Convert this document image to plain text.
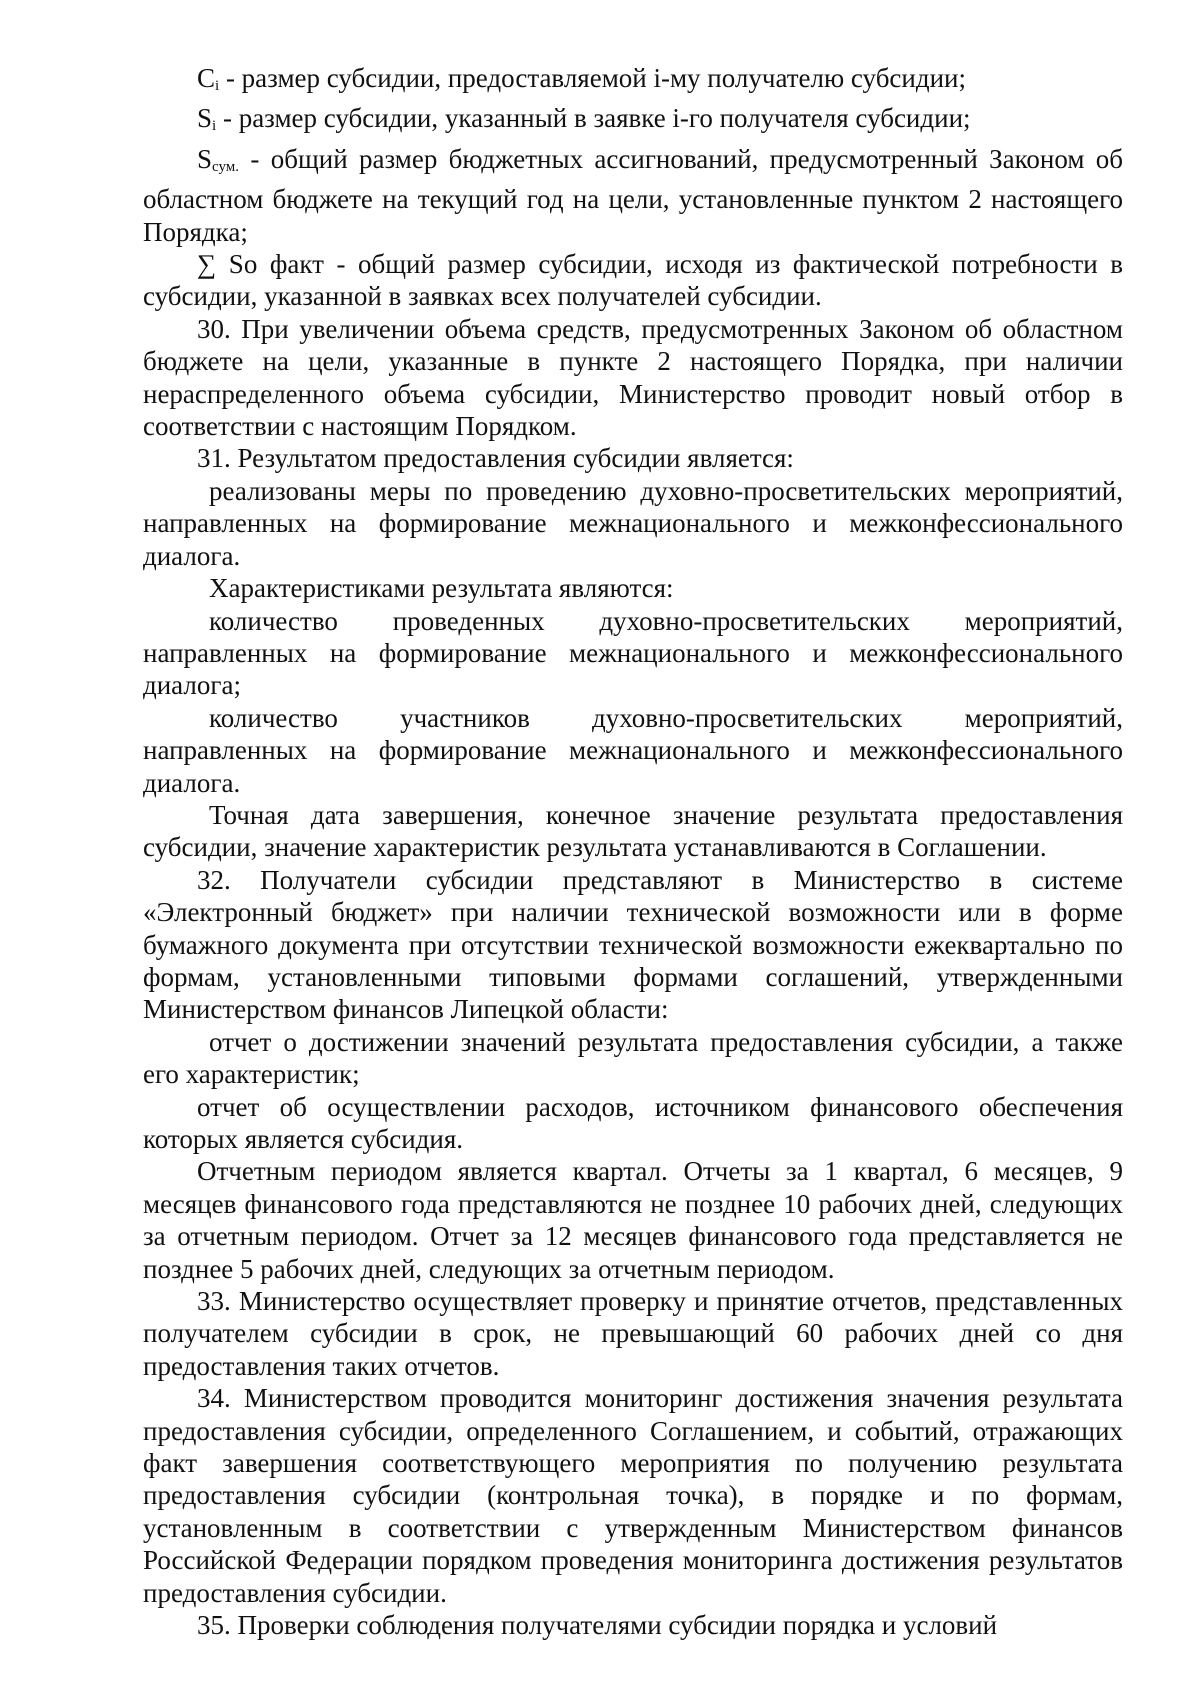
$C_i$ - размер субсидии, предоставляемой i-му получателю субсидии;

$S_i$ - размер субсидии, указанный в заявке i-го получателя субсидии;

$S_{сум.}$ - общий размер бюджетных ассигнований, предусмотренный Законом об областном бюджете на текущий год на цели, установленные пунктом 2 настоящего Порядка;

∑ So факт - общий размер субсидии, исходя из фактической потребности в субсидии, указанной в заявках всех получателей субсидии.

30. При увеличении объема средств, предусмотренных Законом об областном бюджете на цели, указанные в пункте 2 настоящего Порядка, при наличии нераспределенного объема субсидии, Министерство проводит новый отбор в соответствии с настоящим Порядком.

31. Результатом предоставления субсидии является:

реализованы меры по проведению духовно-просветительских мероприятий, направленных на формирование межнационального и межконфессионального диалога.

Характеристиками результата являются:

количество проведенных духовно-просветительских мероприятий, направленных на формирование межнационального и межконфессионального диалога;

количество участников духовно-просветительских мероприятий, направленных на формирование межнационального и межконфессионального диалога.

Точная дата завершения, конечное значение результата предоставления субсидии, значение характеристик результата устанавливаются в Соглашении.

32. Получатели субсидии представляют в Министерство в системе «Электронный бюджет» при наличии технической возможности или в форме бумажного документа при отсутствии технической возможности ежеквартально по формам, установленными типовыми формами соглашений, утвержденными Министерством финансов Липецкой области:

отчет о достижении значений результата предоставления субсидии, а также его характеристик;

отчет об осуществлении расходов, источником финансового обеспечения которых является субсидия.

Отчетным периодом является квартал. Отчеты за 1 квартал, 6 месяцев, 9 месяцев финансового года представляются не позднее 10 рабочих дней, следующих за отчетным периодом. Отчет за 12 месяцев финансового года представляется не позднее 5 рабочих дней, следующих за отчетным периодом.

33. Министерство осуществляет проверку и принятие отчетов, представленных получателем субсидии в срок, не превышающий 60 рабочих дней со дня предоставления таких отчетов.

34. Министерством проводится мониторинг достижения значения результата предоставления субсидии, определенного Соглашением, и событий, отражающих факт завершения соответствующего мероприятия по получению результата предоставления субсидии (контрольная точка), в порядке и по формам, установленным в соответствии с утвержденным Министерством финансов Российской Федерации порядком проведения мониторинга достижения результатов предоставления субсидии.

35. Проверки соблюдения получателями субсидии порядка и условий
